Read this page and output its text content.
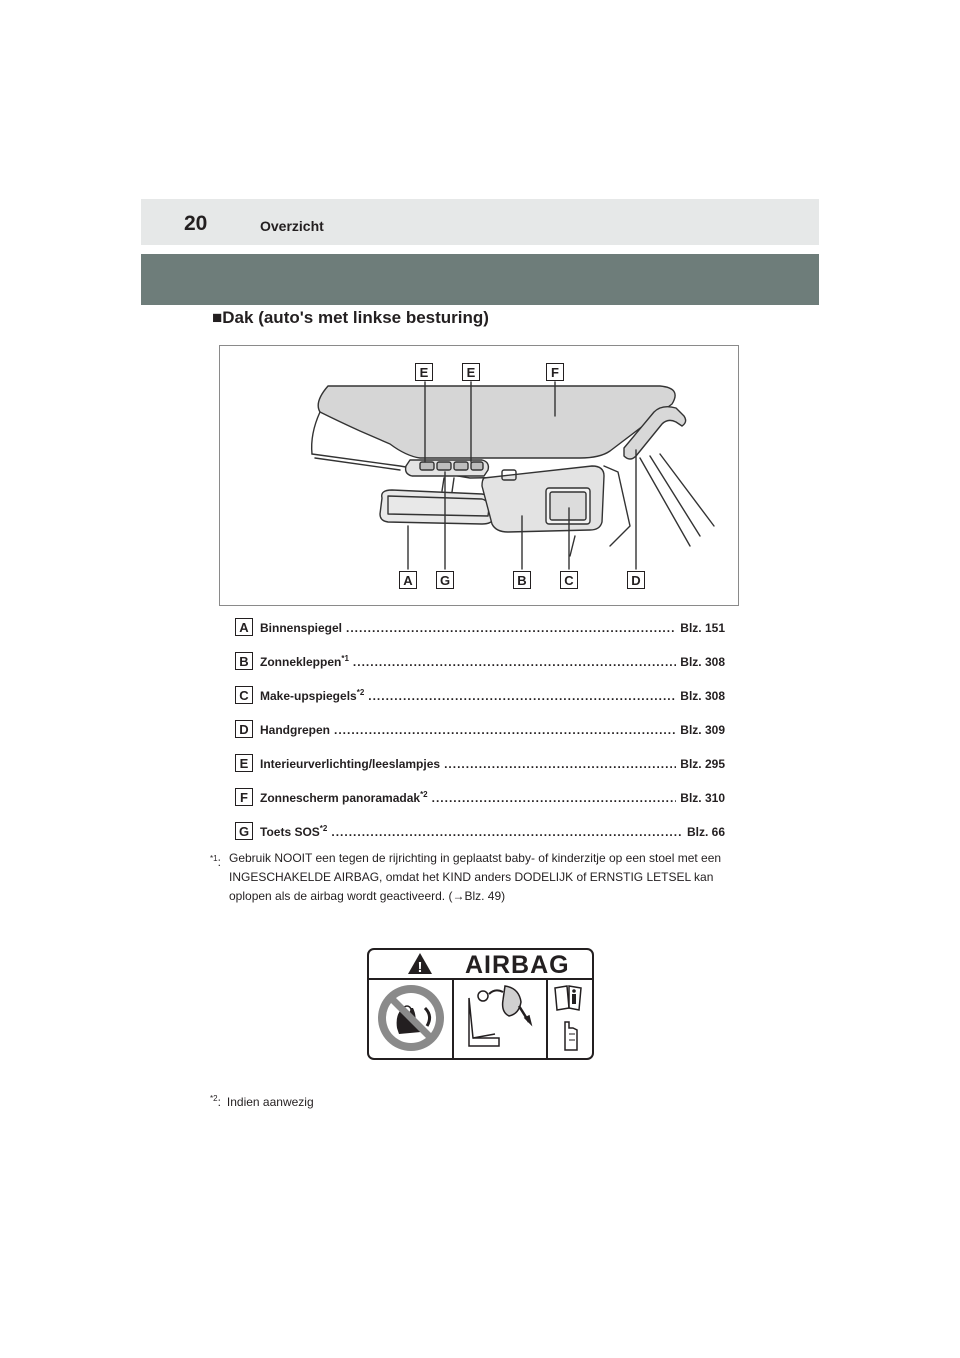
20	Overzicht
■Dak (auto's met linkse besturing)
E	E	F
A	G	B	C	D
A Binnenspiegel .....	Blz. 151
B Zonnekleppen$^{*1}$ .....	Blz. 308
C Make-upspiegels$^{*2}$ .....	Blz. 308
D Handgrepen .....	Blz. 309
E Interieurverlichting/leeslampjes .....	Blz. 295
F	Zonnescherm panoramadak$^{*2}$ .....	Blz. 310
G Toets SOS$^{*2}$ .....	Blz. 66
$^{*1}$: Gebruik NOOIT een tegen de rijrichting in geplaatst baby- of kinderzitje op een stoel met een INGESCHAKELDE AIRBAG, omdat het KIND anders DODELIJK of ERNSTIG LETSEL kan oplopen als de airbag wordt geactiveerd. (→Blz. 49)
! AIRBAG
$^{*2}$: Indien aanwezig
